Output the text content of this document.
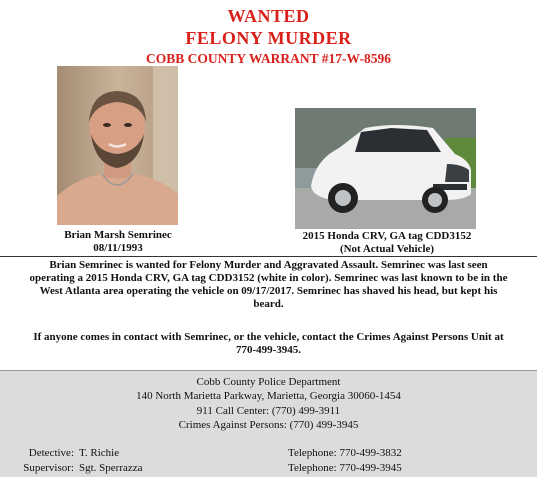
WANTED
FELONY MURDER
COBB COUNTY WARRANT #17-W-8596
Brian Marsh Semrinec
08/11/1993
2015 Honda CRV, GA tag CDD3152
(Not Actual Vehicle)
Brian Semrinec is wanted for Felony Murder and Aggravated Assault. Semrinec was last seen
operating a 2015 Honda CRV, GA tag CDD3152 (white in color). Semrinec was last known to be in the
West Atlanta area operating the vehicle on 09/17/2017. Semrinec has shaved his head, but kept his
beard.
If anyone comes in contact with Semrinec, or the vehicle, contact the Crimes Against Persons Unit at
770-499-3945.
Cobb County Police Department
140 North Marietta Parkway, Marietta, Georgia 30060-1454
911 Call Center: (770) 499-3911
Crimes Against Persons: (770) 499-3945
Detective: T. Richie
Supervisor: Sgt. Sperrazza
Telephone: 770-499-3832
Telephone: 770-499-3945
